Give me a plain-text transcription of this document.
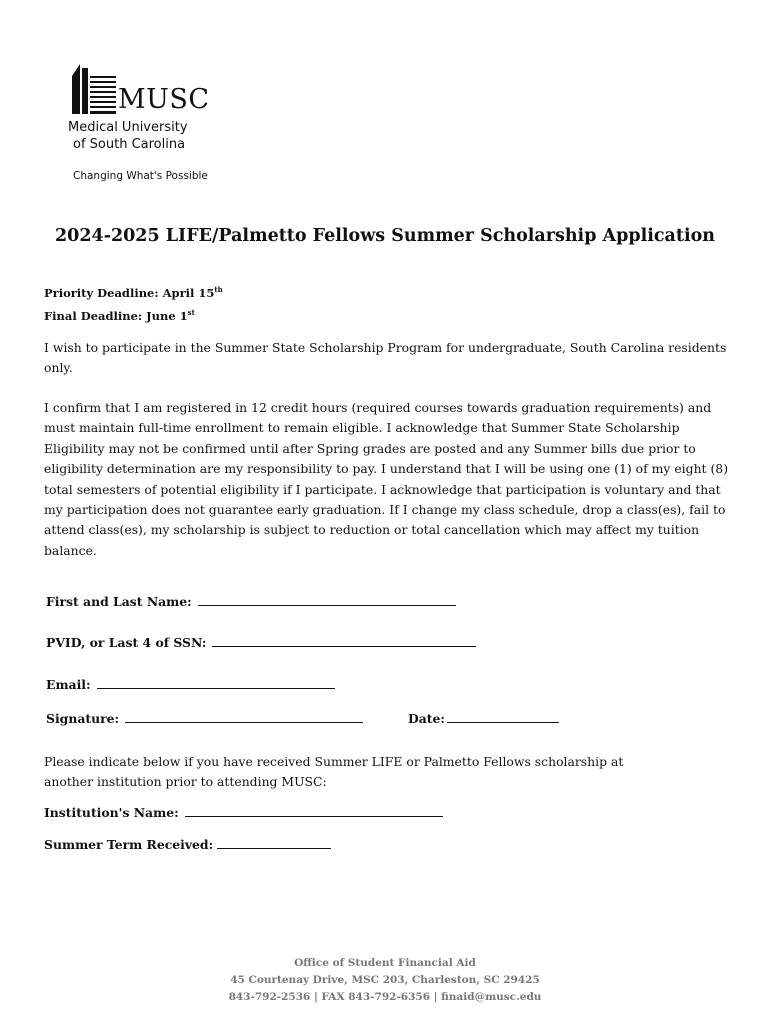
MUSC
Medical University
of South Carolina
Changing What's Possible
2024-2025 LIFE/Palmetto Fellows Summer Scholarship Application
Priority Deadline: April 15th
Final Deadline: June 1st
I wish to participate in the Summer State Scholarship Program for undergraduate, South Carolina residents only.
I confirm that I am registered in 12 credit hours (required courses towards graduation requirements) and must maintain full-time enrollment to remain eligible. I acknowledge that Summer State Scholarship Eligibility may not be confirmed until after Spring grades are posted and any Summer bills due prior to eligibility determination are my responsibility to pay. I understand that I will be using one (1) of my eight (8) total semesters of potential eligibility if I participate. I acknowledge that participation is voluntary and that my participation does not guarantee early graduation. If I change my class schedule, drop a class(es), fail to attend class(es), my scholarship is subject to reduction or total cancellation which may affect my tuition balance.
First and Last Name:
PVID, or Last 4 of SSN:
Email:
Signature:	Date:
Please indicate below if you have received Summer LIFE or Palmetto Fellows scholarship at another institution prior to attending MUSC:
Institution's Name:
Summer Term Received:
Office of Student Financial Aid
45 Courtenay Drive, MSC 203, Charleston, SC 29425
843-792-2536 | FAX 843-792-6356 | finaid@musc.edu
